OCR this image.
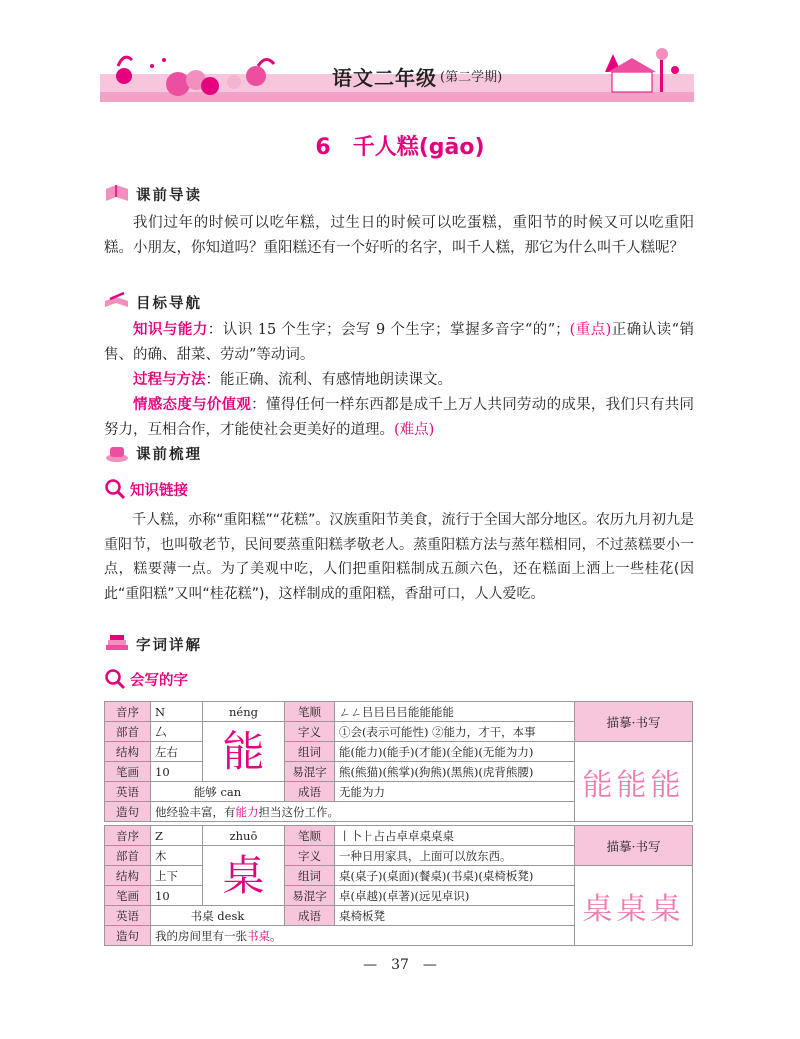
语文二年级 (第二学期)
6　千人糕(gāo)
课前导读
我们过年的时候可以吃年糕，过生日的时候可以吃蛋糕，重阳节的时候又可以吃重阳糕。小朋友，你知道吗？重阳糕还有一个好听的名字，叫千人糕，那它为什么叫千人糕呢？
目标导航
知识与能力：认识 15 个生字；会写 9 个生字；掌握多音字“的”；(重点)正确认读“销售、的确、甜菜、劳动”等动词。
过程与方法：能正确、流利、有感情地朗读课文。
情感态度与价值观：懂得任何一样东西都是成千上万人共同劳动的成果，我们只有共同努力，互相合作，才能使社会更美好的道理。(难点)
课前梳理
知识链接
千人糕，亦称“重阳糕”“花糕”。汉族重阳节美食，流行于全国大部分地区。农历九月初九是重阳节，也叫敬老节，民间要蒸重阳糕孝敬老人。蒸重阳糕方法与蒸年糕相同，不过蒸糕要小一点，糕要薄一点。为了美观中吃，人们把重阳糕制成五颜六色，还在糕面上洒上一些桂花(因此“重阳糕”又叫“桂花糕”)，这样制成的重阳糕，香甜可口，人人爱吃。
字词详解
会写的字
音序	N	néng	笔顺	ㄥㄥ㠯㠯㠯㠯能能能能	描摹·书写
部首	厶	能	字义	①会(表示可能性) ②能力，才干，本事	
结构	左右		组词	能(能力)(能手)(才能)(全能)(无能为力)	能能能
笔画	10		易混字	熊(熊猫)(熊掌)(狗熊)(黑熊)(虎背熊腰)	
英语	能够 can		成语	无能为力	
造句	他经验丰富，有能力担当这份工作。				
音序	Z	zhuō	笔顺	丨卜⺊占占卓卓桌桌桌	描摹·书写
部首	木	桌	字义	一种日用家具，上面可以放东西。	
结构	上下		组词	桌(桌子)(桌面)(餐桌)(书桌)(桌椅板凳)	桌桌桌
笔画	10		易混字	卓(卓越)(卓著)(远见卓识)	
英语	书桌 desk		成语	桌椅板凳	
造句	我的房间里有一张书桌。				
—　37　—
